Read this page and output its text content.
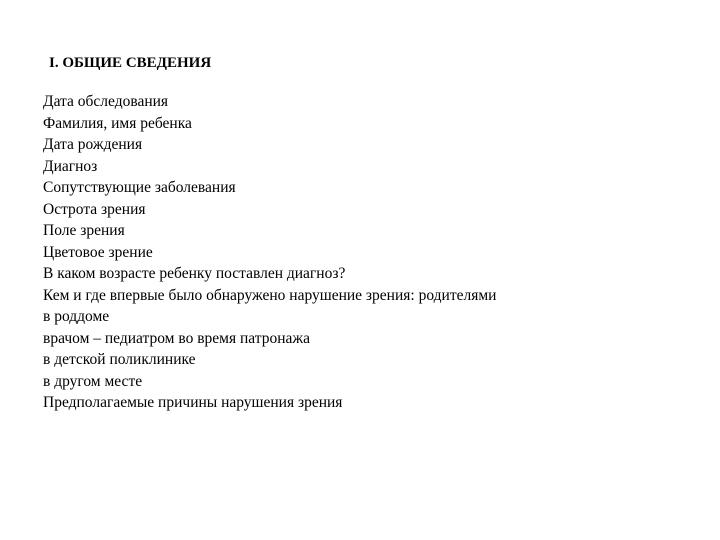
I. ОБЩИЕ СВЕДЕНИЯ
Дата обследования
Фамилия, имя ребенка
Дата рождения
Диагноз
Сопутствующие заболевания
Острота зрения
Поле зрения
Цветовое зрение
В каком возрасте ребенку поставлен диагноз?
Кем и где впервые было обнаружено нарушение зрения: родителями
в роддоме
врачом – педиатром во время патронажа
в детской поликлинике
в другом месте
Предполагаемые причины нарушения зрения
